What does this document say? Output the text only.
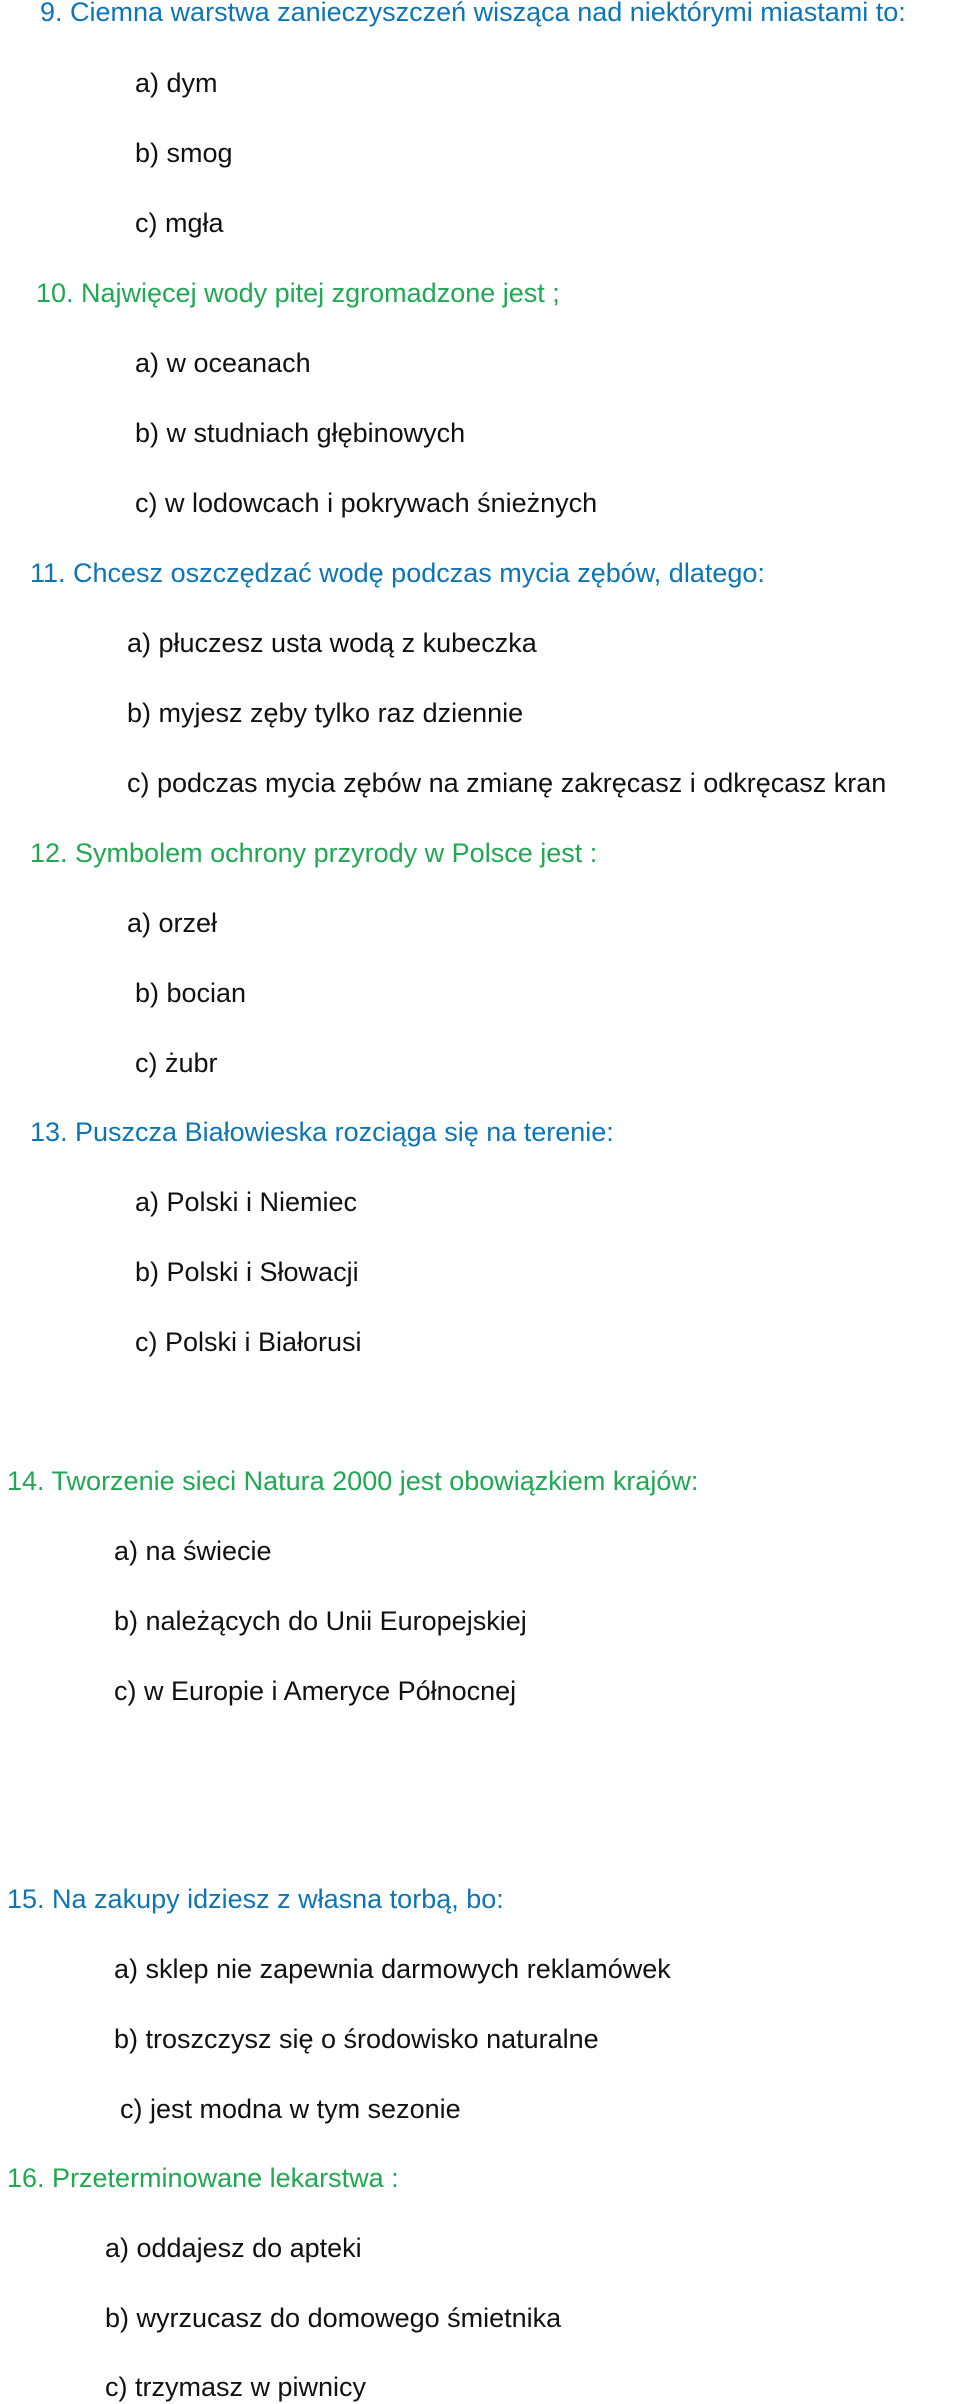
9. Ciemna warstwa zanieczyszczeń wisząca nad niektórymi miastami to:
a) dym
b) smog
c) mgła
10. Najwięcej wody pitej zgromadzone jest ;
a) w oceanach
b) w studniach głębinowych
c) w lodowcach i pokrywach śnieżnych
11. Chcesz oszczędzać wodę podczas mycia zębów, dlatego:
a) płuczesz usta wodą z kubeczka
b) myjesz zęby tylko raz dziennie
c) podczas mycia zębów na zmianę zakręcasz i odkręcasz kran
12. Symbolem ochrony przyrody w Polsce jest :
a) orzeł
b) bocian
c) żubr
13. Puszcza Białowieska rozciąga się na terenie:
a) Polski i Niemiec
b) Polski i Słowacji
c) Polski i Białorusi
14. Tworzenie sieci Natura 2000 jest obowiązkiem krajów:
a) na świecie
b) należących do Unii Europejskiej
c) w Europie i Ameryce Północnej
15. Na zakupy idziesz z własna torbą, bo:
a) sklep nie zapewnia darmowych reklamówek
b) troszczysz się o środowisko naturalne
c) jest modna w tym sezonie
16. Przeterminowane lekarstwa :
a) oddajesz do apteki
b) wyrzucasz do domowego śmietnika
c) trzymasz w piwnicy
